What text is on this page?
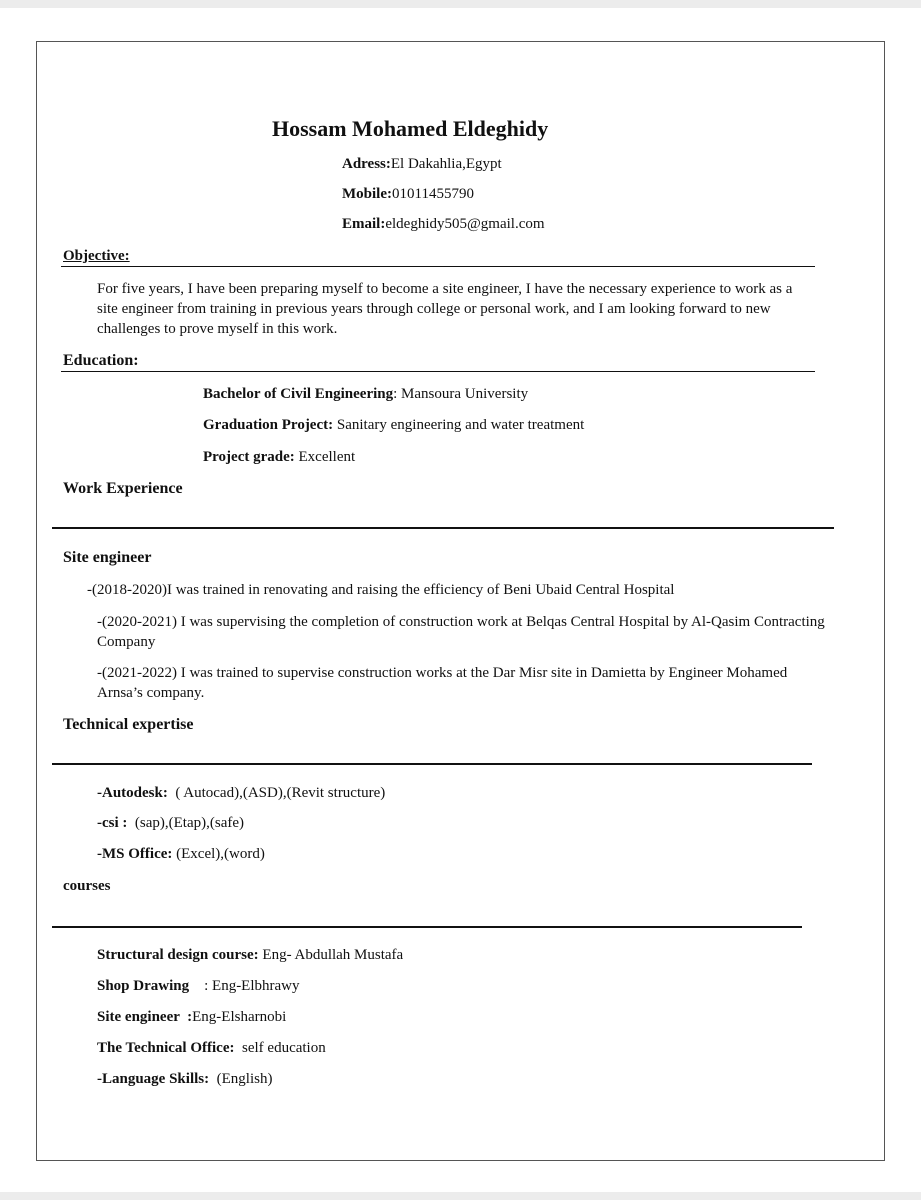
Hossam Mohamed Eldeghidy
Adress:El Dakahlia,Egypt
Mobile:01011455790
Email:eldeghidy505@gmail.com
Objective:
For five years, I have been preparing myself to become a site engineer, I have the necessary experience to work as a site engineer from training in previous years through college or personal work, and I am looking forward to new challenges to prove myself in this work.
Education:
Bachelor of Civil Engineering: Mansoura University
Graduation Project: Sanitary engineering and water treatment
Project grade: Excellent
Work Experience
Site engineer
-(2018-2020)I was trained in renovating and raising the efficiency of Beni Ubaid Central Hospital
-(2020-2021) I was supervising the completion of construction work at Belqas Central Hospital by Al-Qasim Contracting Company
-(2021-2022) I was trained to supervise construction works at the Dar Misr site in Damietta by Engineer Mohamed Arnsa’s company.
Technical expertise
-Autodesk:  ( Autocad),(ASD),(Revit structure)
-csi :  (sap),(Etap),(safe)
-MS Office: (Excel),(word)
courses
Structural design course: Eng- Abdullah Mustafa
Shop Drawing    : Eng-Elbhrawy
Site engineer  :Eng-Elsharnobi
The Technical Office:  self education
-Language Skills:  (English)
